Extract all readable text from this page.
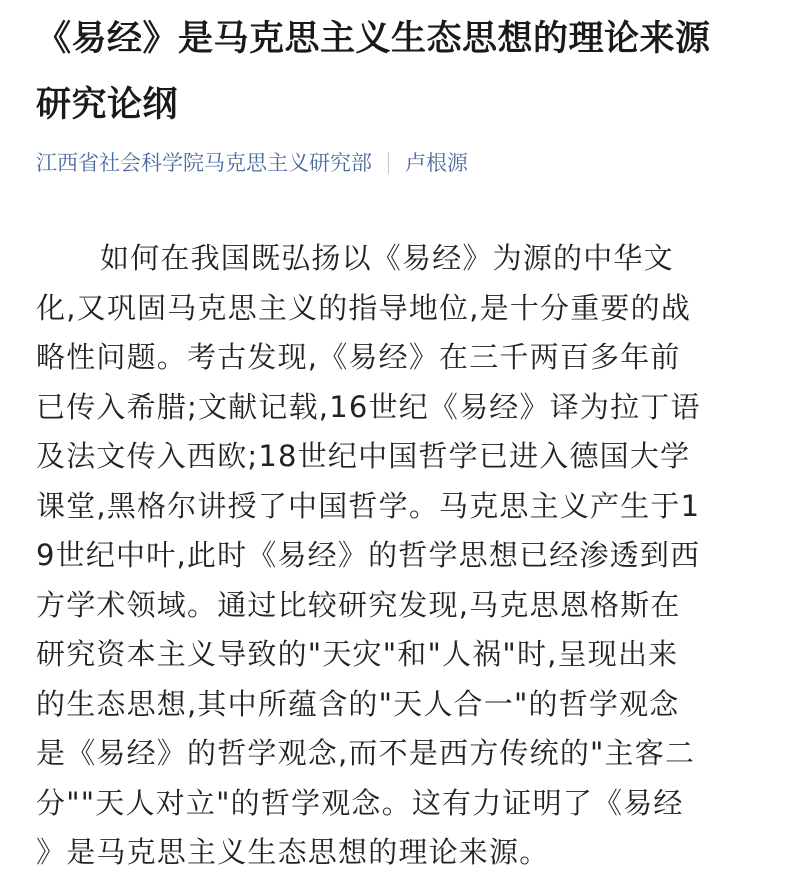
《易经》是马克思主义生态思想的理论来源
研究论纲
江西省社会科学院马克思主义研究部 卢根源
如何在我国既弘扬以《易经》为源的中华文
化,又巩固马克思主义的指导地位,是十分重要的战
略性问题。考古发现,《易经》在三千两百多年前
已传入希腊;文献记载,16世纪《易经》译为拉丁语
及法文传入西欧;18世纪中国哲学已进入德国大学
课堂,黑格尔讲授了中国哲学。马克思主义产生于1
9世纪中叶,此时《易经》的哲学思想已经渗透到西
方学术领域。通过比较研究发现,马克思恩格斯在
研究资本主义导致的"天灾"和"人祸"时,呈现出来
的生态思想,其中所蕴含的"天人合一"的哲学观念
是《易经》的哲学观念,而不是西方传统的"主客二
分""天人对立"的哲学观念。这有力证明了《易经
》是马克思主义生态思想的理论来源。
